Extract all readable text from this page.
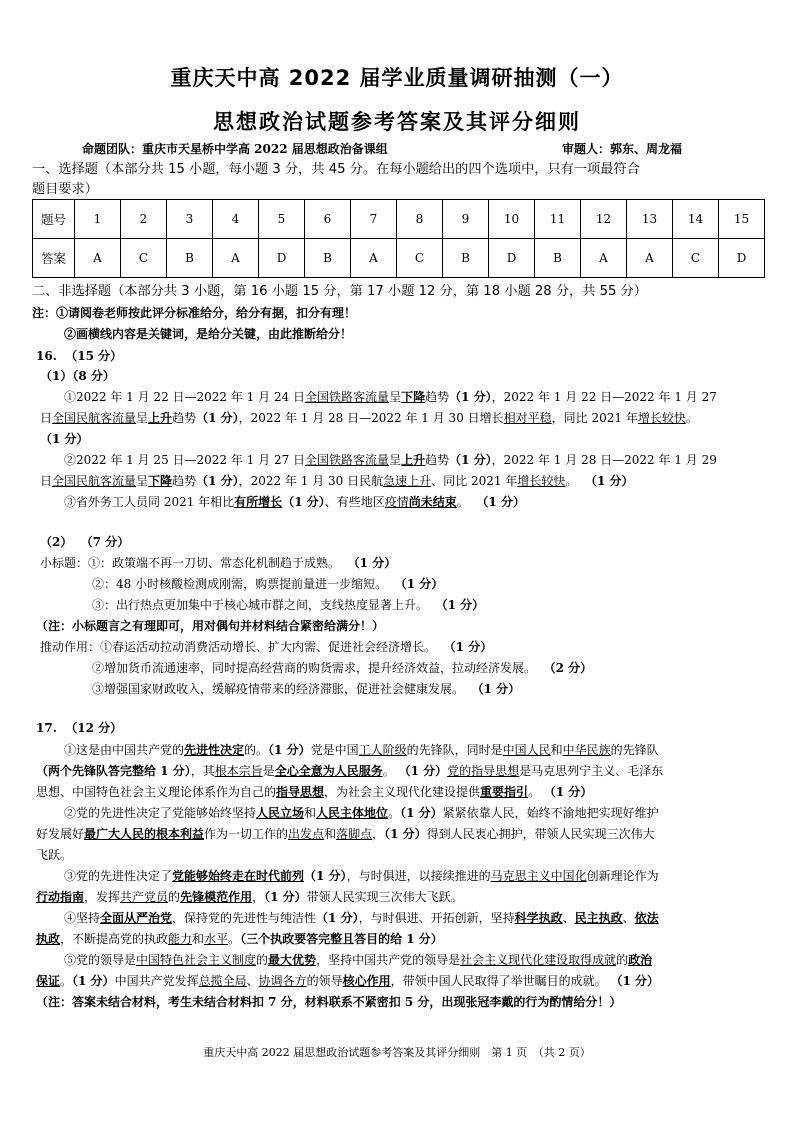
重庆天中高 2022 届学业质量调研抽测（一）
思想政治试题参考答案及其评分细则
命题团队：重庆市天星桥中学高 2022 届思想政治备课组	审题人：郭东、周龙福
一、选择题（本部分共 15 小题，每小题 3 分，共 45 分。在每小题给出的四个选项中，只有一项最符合
题目要求）
题号	1	2	3	4	5	6	7	8	9	10	11	12	13	14	15
答案	A	C	B	A	D	B	A	C	B	D	B	A	A	C	D
二、非选择题（本部分共 3 小题，第 16 小题 15 分，第 17 小题 12 分，第 18 小题 28 分，共 55 分）
注：①请阅卷老师按此评分标准给分，给分有据，扣分有理！
②画横线内容是关键词，是给分关键，由此推断给分！
16. （15 分）
（1）（8 分）
①2022 年 1 月 22 日—2022 年 1 月 24 日全国铁路客流量呈下降趋势（1 分），2022 年 1 月 22 日—2022 年 1 月 27
日全国民航客流量呈上升趋势（1 分），2022 年 1 月 28 日—2022 年 1 月 30 日增长相对平稳，同比 2021 年增长较快。
（1 分）
②2022 年 1 月 25 日—2022 年 1 月 27 日全国铁路客流量呈上升趋势（1 分），2022 年 1 月 28 日—2022 年 1 月 29
日全国民航客流量呈下降趋势（1 分），2022 年 1 月 30 日民航急速上升、同比 2021 年增长较快。 （1 分）
③省外务工人员同 2021 年相比有所增长（1 分）、有些地区疫情尚未结束。 （1 分）
（2） （7 分）
小标题：①：政策端不再一刀切、常态化机制趋于成熟。 （1 分）
②：48 小时核酸检测成刚需，购票提前量进一步缩短。 （1 分）
③：出行热点更加集中于核心城市群之间，支线热度显著上升。 （1 分）
（注：小标题言之有理即可，用对偶句并材料结合紧密给满分！）
推动作用：①春运活动拉动消费活动增长、扩大内需、促进社会经济增长。 （1 分）
②增加货币流通速率，同时提高经营商的购货需求，提升经济效益，拉动经济发展。 （2 分）
③增强国家财政收入，缓解疫情带来的经济滞胀，促进社会健康发展。 （1 分）
17. （12 分）
①这是由中国共产党的先进性决定的。（1 分）党是中国工人阶级的先锋队，同时是中国人民和中华民族的先锋队
（两个先锋队答完整给 1 分），其根本宗旨是全心全意为人民服务。 （1 分）党的指导思想是马克思列宁主义、毛泽东
思想、中国特色社会主义理论体系作为自己的指导思想，为社会主义现代化建设提供重要指引。 （1 分）
②党的先进性决定了党能够始终坚持人民立场和人民主体地位。（1 分）紧紧依靠人民，始终不渝地把实现好维护
好发展好最广大人民的根本利益作为一切工作的出发点和落脚点，（1 分）得到人民衷心拥护，带领人民实现三次伟大
飞跃。
③党的先进性决定了党能够始终走在时代前列（1 分），与时俱进，以接续推进的马克思主义中国化创新理论作为
行动指南，发挥共产党员的先锋模范作用，（1 分）带领人民实现三次伟大飞跃。
④坚持全面从严治党，保持党的先进性与纯洁性（1 分），与时俱进、开拓创新，坚持科学执政、民主执政、依法
执政，不断提高党的执政能力和水平。（三个执政要答完整且答目的给 1 分）
⑤党的领导是中国特色社会主义制度的最大优势，坚持中国共产党的领导是社会主义现代化建设取得成就的政治
保证。（1 分）中国共产党发挥总揽全局、协调各方的领导核心作用，带领中国人民取得了举世瞩目的成就。 （1 分）
（注：答案未结合材料，考生未结合材料扣 7 分，材料联系不紧密扣 5 分，出现张冠李戴的行为酌情给分！）
重庆天中高 2022 届思想政治试题参考答案及其评分细则　第 1 页　（共 2 页）
